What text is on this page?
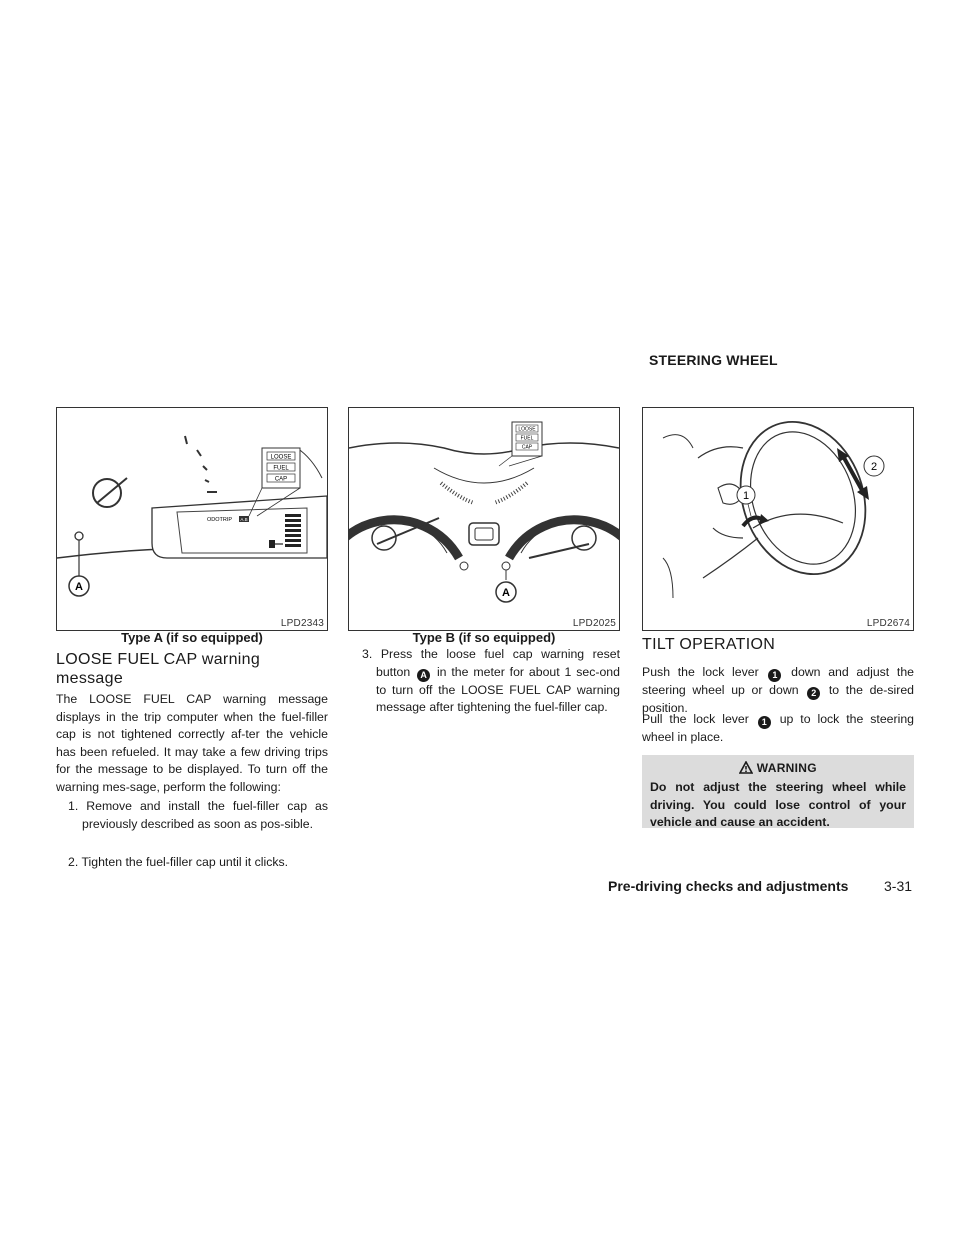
STEERING WHEEL
A
LOOSE
FUEL
CAP
ODOTRIP A.B
LPD2343
Type A (if so equipped)
LOOSE
FUEL
CAP
A
LPD2025
Type B (if so equipped)
1
2
LPD2674
LOOSE FUEL CAP warning message

The LOOSE FUEL CAP warning message displays in the trip computer when the fuel-filler cap is not tightened correctly af-ter the vehicle has been refueled. It may take a few driving trips for the message to be displayed. To turn off the warning mes-sage, perform the following:

1. Remove and install the fuel-filler cap as previously described as soon as pos-sible.
2. Tighten the fuel-filler cap until it clicks.
3. Press the loose fuel cap warning reset button A in the meter for about 1 sec-ond to turn off the LOOSE FUEL CAP warning message after tightening the fuel-filler cap.
TILT OPERATION

Push the lock lever 1 down and adjust the steering wheel up or down 2 to the de-sired position.

Pull the lock lever 1 up to lock the steering wheel in place.

WARNING
Do not adjust the steering wheel while driving. You could lose control of your vehicle and cause an accident.
Pre-driving checks and adjustments	3-31
